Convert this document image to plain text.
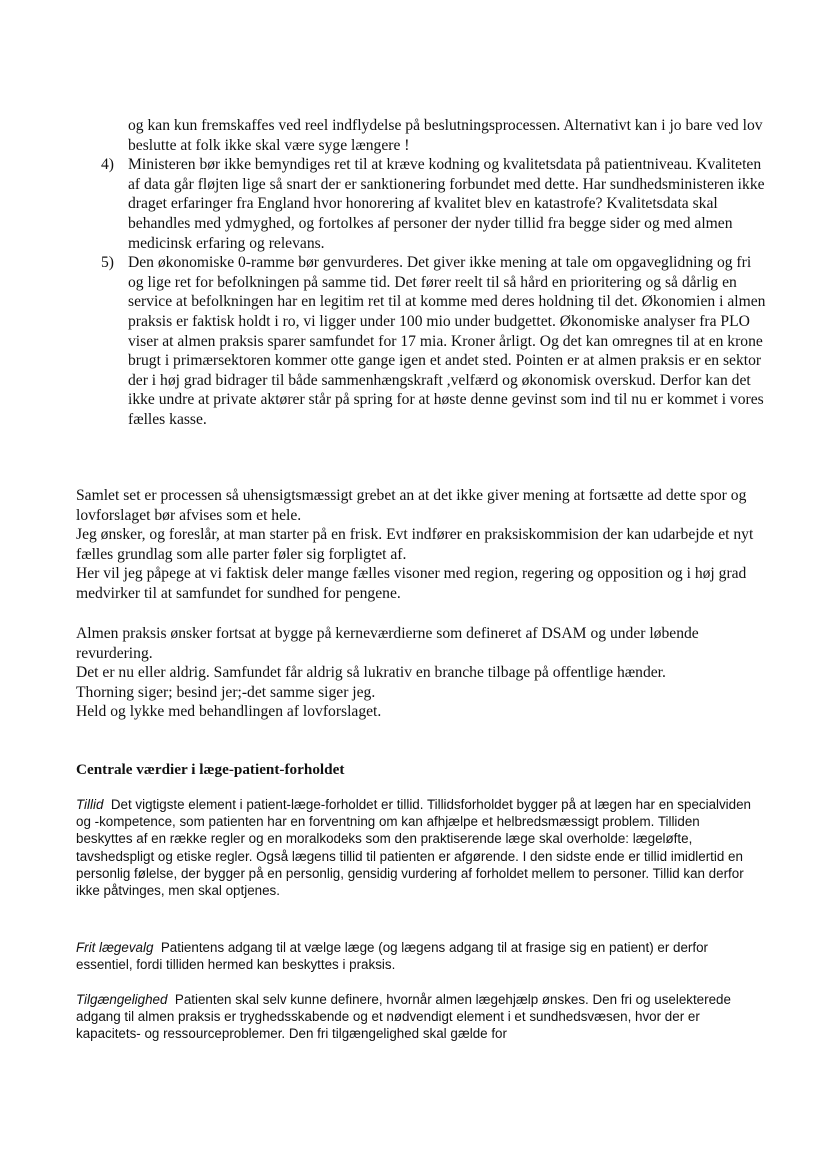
og kan kun fremskaffes ved reel indflydelse på beslutningsprocessen. Alternativt kan i jo bare ved lov beslutte at folk ikke skal være syge længere !

4) Ministeren bør ikke bemyndiges ret til at kræve kodning og kvalitetsdata på patientniveau. Kvaliteten af data går fløjten lige så snart der er sanktionering forbundet med dette. Har sundhedsministeren ikke draget erfaringer fra England hvor honorering af kvalitet blev en katastrofe? Kvalitetsdata skal behandles med ydmyghed, og fortolkes af personer der nyder tillid fra begge sider og med almen medicinsk erfaring og relevans.

5) Den økonomiske 0-ramme bør genvurderes. Det giver ikke mening at tale om opgaveglidning og fri og lige ret for befolkningen på samme tid. Det fører reelt til så hård en prioritering og så dårlig en service at befolkningen har en legitim ret til at komme med deres holdning til det. Økonomien i almen praksis er faktisk holdt i ro, vi ligger under 100 mio under budgettet. Økonomiske analyser fra PLO viser at almen praksis sparer samfundet for 17 mia. Kroner årligt. Og det kan omregnes til at en krone brugt i primærsektoren kommer otte gange igen et andet sted. Pointen er at almen praksis er en sektor der i høj grad bidrager til både sammenhængskraft ,velfærd og økonomisk overskud. Derfor kan det ikke undre at private aktører står på spring for at høste denne gevinst som ind til nu er kommet i vores fælles kasse.

Samlet set er processen så uhensigtsmæssigt grebet an at det ikke giver mening at fortsætte ad dette spor og lovforslaget bør afvises som et hele.

Jeg ønsker, og foreslår, at man starter på en frisk. Evt indfører en praksiskommision der kan udarbejde et nyt fælles grundlag som alle parter føler sig forpligtet af.

Her vil jeg påpege at vi faktisk deler mange fælles visoner med region, regering og opposition og i høj grad medvirker til at samfundet for sundhed for pengene.

Almen praksis ønsker fortsat at bygge på kerneværdierne som defineret af DSAM og under løbende revurdering.

Det er nu eller aldrig. Samfundet får aldrig så lukrativ en branche tilbage på offentlige hænder.

Thorning siger; besind jer;-det samme siger jeg.

Held og lykke med behandlingen af lovforslaget.

Centrale værdier i læge-patient-forholdet

Tillid Det vigtigste element i patient-læge-forholdet er tillid. Tillidsforholdet bygger på at lægen har en specialviden og -kompetence, som patienten har en forventning om kan afhjælpe et helbredsmæssigt problem. Tilliden beskyttes af en række regler og en moralkodeks som den praktiserende læge skal overholde: lægeløfte, tavshedspligt og etiske regler. Også lægens tillid til patienten er afgørende. I den sidste ende er tillid imidlertid en personlig følelse, der bygger på en personlig, gensidig vurdering af forholdet mellem to personer. Tillid kan derfor ikke påtvinges, men skal optjenes.

Frit lægevalg Patientens adgang til at vælge læge (og lægens adgang til at frasige sig en patient) er derfor essentiel, fordi tilliden hermed kan beskyttes i praksis.

Tilgængelighed Patienten skal selv kunne definere, hvornår almen lægehjælp ønskes. Den fri og uselekterede adgang til almen praksis er tryghedsskabende og et nødvendigt element i et sundhedsvæsen, hvor der er kapacitets- og ressourceproblemer. Den fri tilgængelighed skal gælde for
